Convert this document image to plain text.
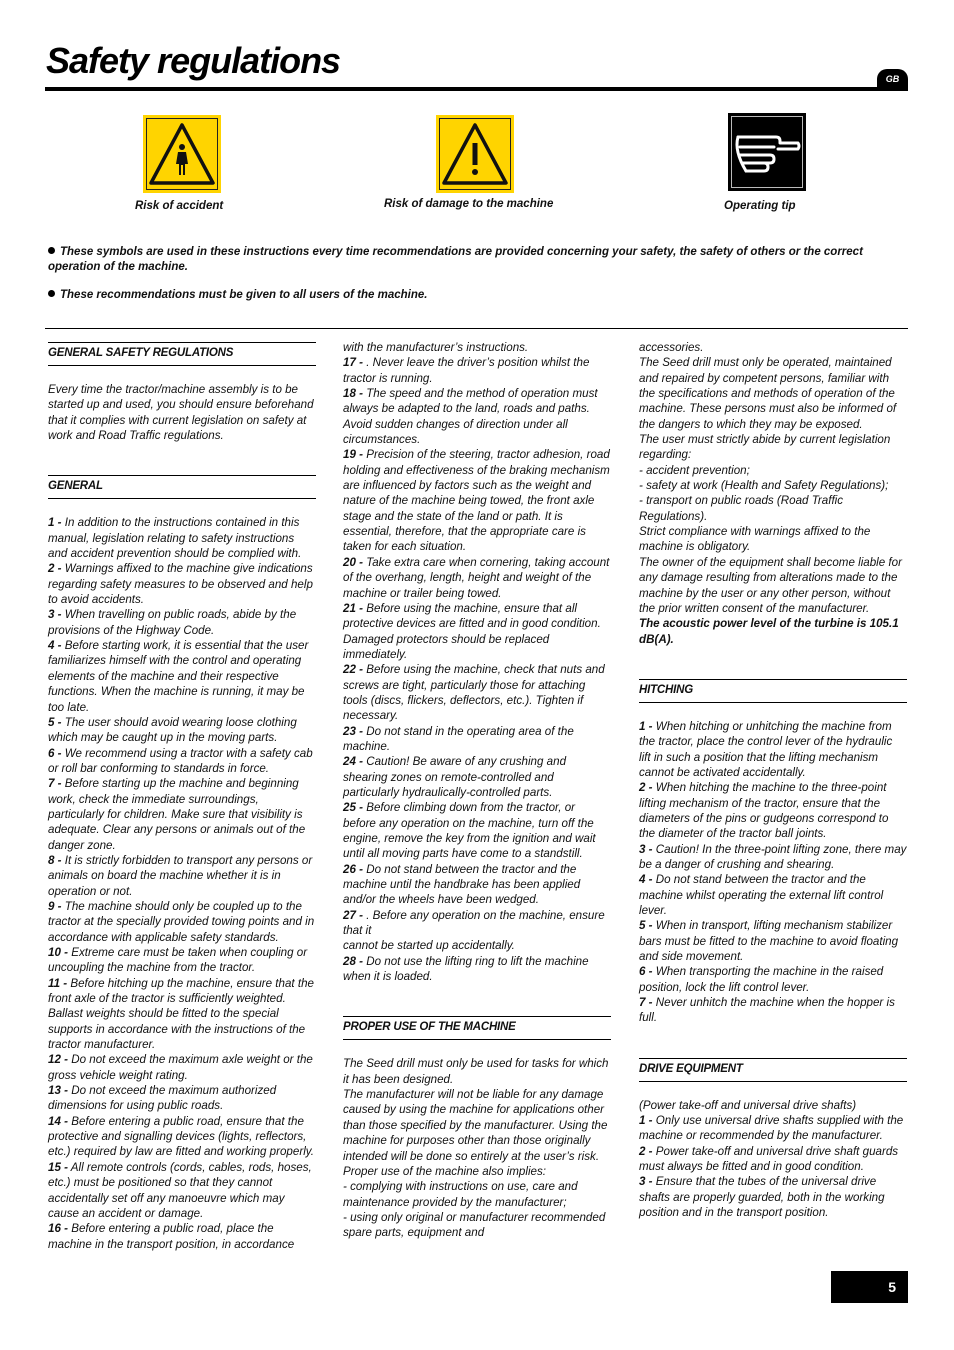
Safety regulations	GB
Risk of accident	Risk of damage to the machine	Operating tip
These symbols are used in these instructions every time recommendations are provided concerning your safety, the safety of others or the correct operation of the machine.
These recommendations must be given to all users of the machine.
GENERAL SAFETY REGULATIONS

Every time the tractor/machine assembly is to be started up and used, you should ensure beforehand that it complies with current legislation on safety at work and Road Traffic regulations.

GENERAL

1 - In addition to the instructions contained in this manual, legislation relating to safety instructions and accident prevention should be complied with.

2 - Warnings affixed to the machine give indications regarding safety measures to be observed and help to avoid accidents.

3 - When travelling on public roads, abide by the provisions of the Highway Code.

4 - Before starting work, it is essential that the user familiarizes himself with the control and operating elements of the machine and their respective functions. When the machine is running, it may be too late.

5 - The user should avoid wearing loose clothing which may be caught up in the moving parts.

6 - We recommend using a tractor with a safety cab or roll bar conforming to standards in force.

7 - Before starting up the machine and beginning work, check the immediate surroundings, particularly for children. Make sure that visibility is adequate. Clear any persons or animals out of the danger zone.

8 - It is strictly forbidden to transport any persons or animals on board the machine whether it is in operation or not.

9 - The machine should only be coupled up to the tractor at the specially provided towing points and in accordance with applicable safety standards.

10 - Extreme care must be taken when coupling or uncoupling the machine from the tractor.

11 - Before hitching up the machine, ensure that the front axle of the tractor is sufficiently weighted. Ballast weights should be fitted to the special supports in accordance with the instructions of the tractor manufacturer.

12 - Do not exceed the maximum axle weight or the gross vehicle weight rating.

13 - Do not exceed the maximum authorized dimensions for using public roads.

14 - Before entering a public road, ensure that the protective and signalling devices (lights, reflectors, etc.) required by law are fitted and working properly.

15 - All remote controls (cords, cables, rods, hoses, etc.) must be positioned so that they cannot accidentally set off any manoeuvre which may cause an accident or damage.

16 - Before entering a public road, place the machine in the transport position, in accordance

with the manufacturer’s instructions.

17 - . Never leave the driver’s position whilst the tractor is running.

18 - The speed and the method of operation must always be adapted to the land, roads and paths. Avoid sudden changes of direction under all circumstances.

19 - Precision of the steering, tractor adhesion, road holding and effectiveness of the braking mechanism are influenced by factors such as the weight and nature of the machine being towed, the front axle stage and the state of the land or path. It is essential, therefore, that the appropriate care is taken for each situation.

20 - Take extra care when cornering, taking account of the overhang, length, height and weight of the machine or trailer being towed.

21 - Before using the machine, ensure that all protective devices are fitted and in good condition. Damaged protectors should be replaced immediately.

22 - Before using the machine, check that nuts and screws are tight, particularly those for attaching tools (discs, flickers, deflectors, etc.). Tighten if necessary.

23 - Do not stand in the operating area of the machine.

24 - Caution! Be aware of any crushing and shearing zones on remote-controlled and particularly hydraulically-controlled parts.

25 - Before climbing down from the tractor, or before any operation on the machine, turn off the engine, remove the key from the ignition and wait until all moving parts have come to a standstill.

26 - Do not stand between the tractor and the machine until the handbrake has been applied and/or the wheels have been wedged.

27 - . Before any operation on the machine, ensure that it

cannot be started up accidentally.

28 - Do not use the lifting ring to lift the machine when it is loaded.

PROPER USE OF THE MACHINE

The Seed drill must only be used for tasks for which it has been designed.

The manufacturer will not be liable for any damage caused by using the machine for applications other than those specified by the manufacturer. Using the machine for purposes other than those originally intended will be done so entirely at the user’s risk.

Proper use of the machine also implies:

- complying with instructions on use, care and maintenance provided by the manufacturer;

- using only original or manufacturer recommended spare parts, equipment and

accessories.

The Seed drill must only be operated, maintained and repaired by competent persons, familiar with the specifications and methods of operation of the machine. These persons must also be informed of the dangers to which they may be exposed.

The user must strictly abide by current legislation regarding:

- accident prevention;

- safety at work (Health and Safety Regulations);

- transport on public roads (Road Traffic Regulations).

Strict compliance with warnings affixed to the machine is obligatory.

The owner of the equipment shall become liable for any damage resulting from alterations made to the machine by the user or any other person, without the prior written consent of the manufacturer.

The acoustic power level of the turbine is 105.1 dB(A).

HITCHING

1 - When hitching or unhitching the machine from the tractor, place the control lever of the hydraulic lift in such a position that the lifting mechanism cannot be activated accidentally.

2 - When hitching the machine to the three-point lifting mechanism of the tractor, ensure that the diameters of the pins or gudgeons correspond to the diameter of the tractor ball joints.

3 - Caution! In the three-point lifting zone, there may be a danger of crushing and shearing.

4 - Do not stand between the tractor and the machine whilst operating the external lift control lever.

5 - When in transport, lifting mechanism stabilizer bars must be fitted to the machine to avoid floating and side movement.

6 - When transporting the machine in the raised position, lock the lift control lever.

7 - Never unhitch the machine when the hopper is full.

DRIVE EQUIPMENT

(Power take-off and universal drive shafts)

1 - Only use universal drive shafts supplied with the machine or recommended by the manufacturer.

2 - Power take-off and universal drive shaft guards must always be fitted and in good condition.

3 - Ensure that the tubes of the universal drive shafts are properly guarded, both in the working position and in the transport position.

5
